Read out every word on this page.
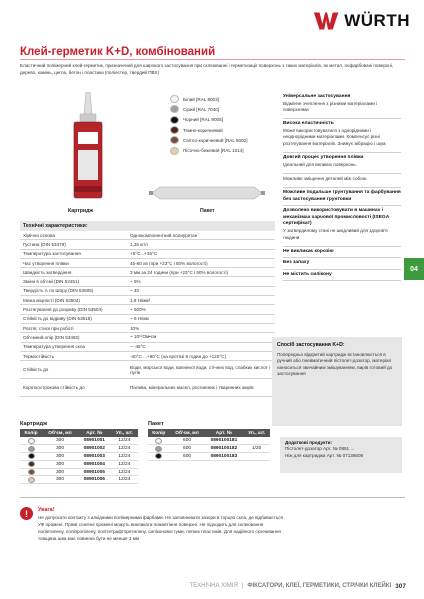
WÜRTH
Клей-герметик K+D, комбінований
Еластичний полімерний клей-герметик, призначений для широкого застосування при склеюванні і герметизації поверхонь з таких матеріалів, як метал, пофарбовані поверхні, дерево, камінь, цегла, бетон і пластики (поліестер, твердий ПВХ)
Білий [RAL 9003]
Сірий [RAL 7040]
Чорний [RAL 9005]
Темно-коричневий
Світло-коричневий [RAL 8002]
Пісочно-бежевий [RAL 1014]
Картридж	Пакет
Універсальне застосування

Відмінне зчеплення з різними матеріалами і поверхнями

Висока еластичність

Може використовуватися з однорідними і неоднорідними матеріалами. Компенсує різні розтягування матеріалів. Знижує вібрацію і шум.

Довгий процес утворення плівки

Ідеальний для великих поверхонь.

Можливе зміщення деталей між собою.

Можливе подальше грунтування та фарбування без застосування грунтовки
Дозволено використовувати в машинах і механізмах харчової промисловості (ISEGA сертифікат)

У затвердилому стані не шкідливий для здоров’я людини

Не викликає корозію
Без запаху
Не містить силікону
04
Технічні характеристики:
Хімічна основа	Однокомпонентний полиуретан
Густина (DIN 53479)	1,25 кг/л
Температура застосування	+5°C...+35°C
Час утворення плівки	45-60 хв (при +23°C і 50% вологості)
Швидкість затвердіння	3 мм за 24 години (при +23°C і 50% вологості)
Зміни в об’ємі (DIN 52451)	~ 5%
Твердість А по Шору (DIN 53505)	~ 40
Межа міцності (DIN 53504)	1,8 Н/мм²
Розтягування до розриву (DIN 53504)	~ 500%
Стійкість до відриву (DIN 53515)	~ 6 Н/мм
Розтяг, стиск при роботі	10%
Об’ємний опір (DIN 53482)	~ 10¹⁰Ом•см
Температура утворення скла	~ -45°C
Термостійкість	-40°C ...+90°C (на протязі 8 годин до +120°C)
Стійкість до	Води, морської води, вапняної води, стічних вод, слабких кислот і лугів
Короткострокова стійкість до	Палива, мінеральних масел, рослинних і тваринних жирів
Спосіб застосування K+D:
Попередньо відкритий картридж встановлюється в ручний або пневматичний пістолет-дозатор, матеріал наноситься звичайним змішуванням, вирів готовий до застосування
Картридж
Колір	Об’єм, мл	Арт. №	Уп., шт.
	300	08901001	12/24
	300	08901002	12/24
	300	08901003	12/24
	300	08901004	12/24
	300	08901005	12/24
	300	08901006	12/24
Пакет
Колір	Об’єм, мл	Арт. №	Уп., шт.
	600	0890100181	
	600	0890100182	1/20
	600	0890100183	
Додаткові продукти:
Пістолет-дозатор Арт. № 0891 ...
Ніж для картриджа Арт. № 07136609
!	Увага!
Не допускати контакту з алкідними полімерними фарбами. Не заповнювати зазори в торцях скла, де відбивається УФ промені. Прямі сонячні промені можуть викликати пожовтіння поверхні. Не підходить для склеювання поліетилену, поліпропілену, політетрафторетилену, силіконової гуми, легких пластиків. Для надійного склеювання товщина шва має повинна бути не менше 3 мм
ТЕХНІЧНА ХІМІЯ | ФІКСАТОРИ, КЛЕЇ, ГЕРМЕТИКИ, СТРІЧКИ КЛЕЙКІ 307
